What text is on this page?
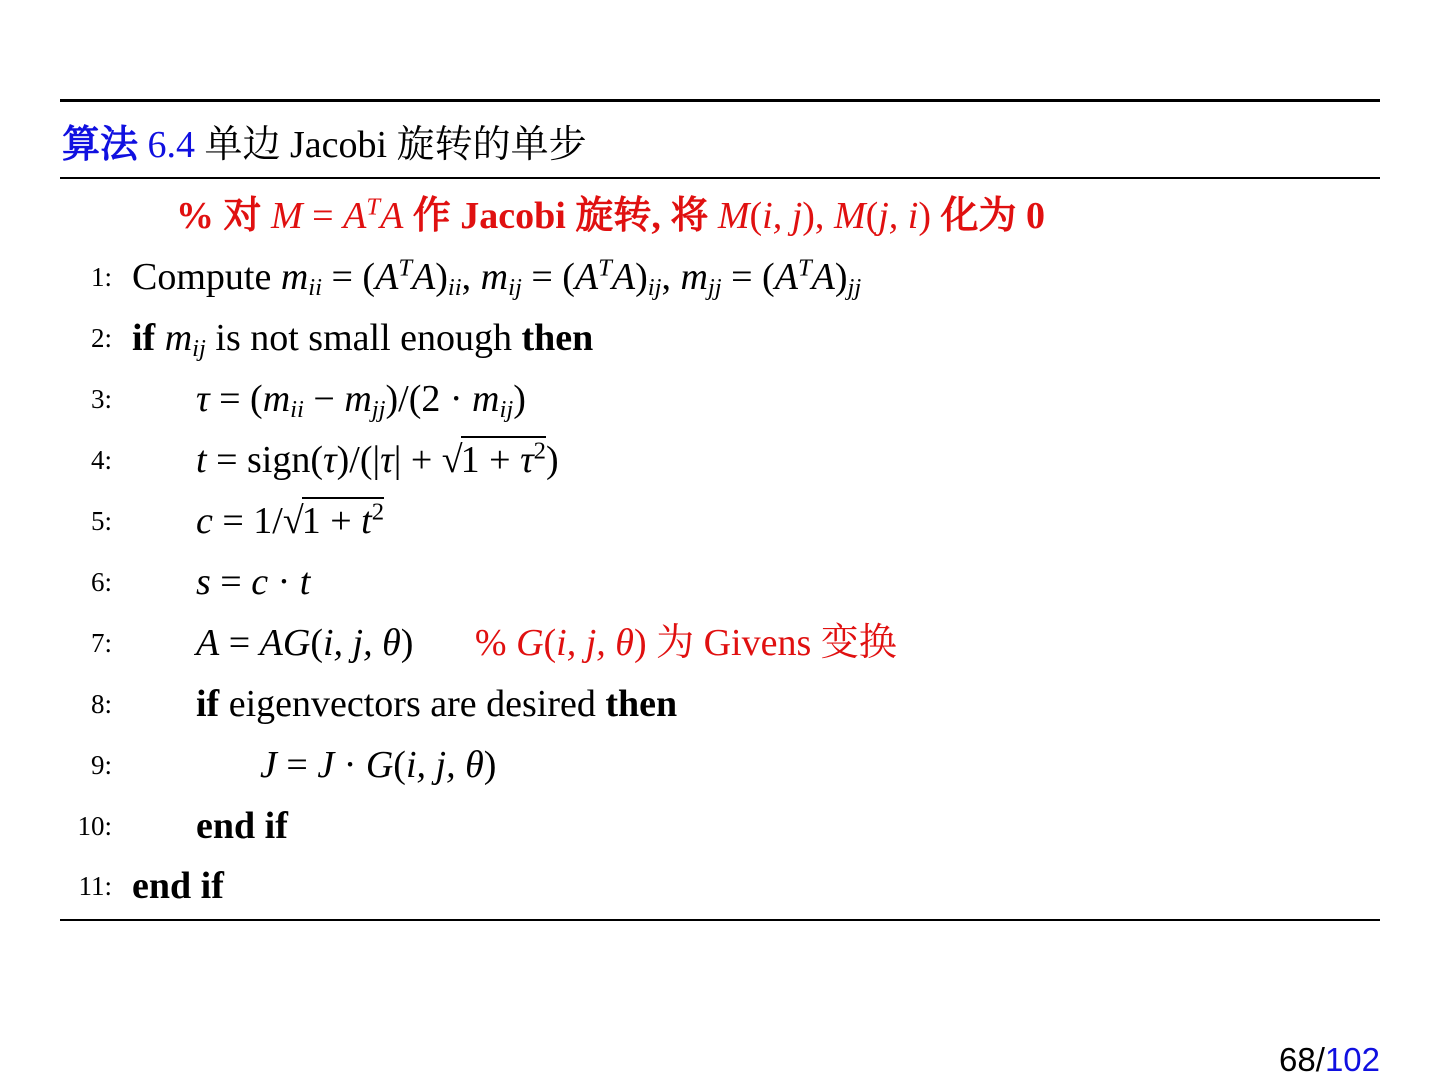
算法 6.4 单边 Jacobi 旋转的单步
% 对 $M = A^TA$ 作 Jacobi 旋转, 将 M(i, j), M(j, i) 化为 0
1: Compute $m_{ii} = (A^TA)_{ii}$, $m_{ij} = (A^TA)_{ij}$, $m_{jj} = (A^TA)_{jj}$
2: if $m_{ij}$ is not small enough then
3: $\tau = (m_{ii} - m_{jj})/(2 \cdot m_{ij})$
4: t = sign(τ)/(|τ| + $√1 + \tau^2$)
5: $c = 1/√1 + t^2$
6: s = c · t
7: A = AG(i, j, θ) % G(i, j, θ) 为 Givens 变换
8: if eigenvectors are desired then
9:	J = J · G(i, j, θ)
10: end if
11: end if
68/102
